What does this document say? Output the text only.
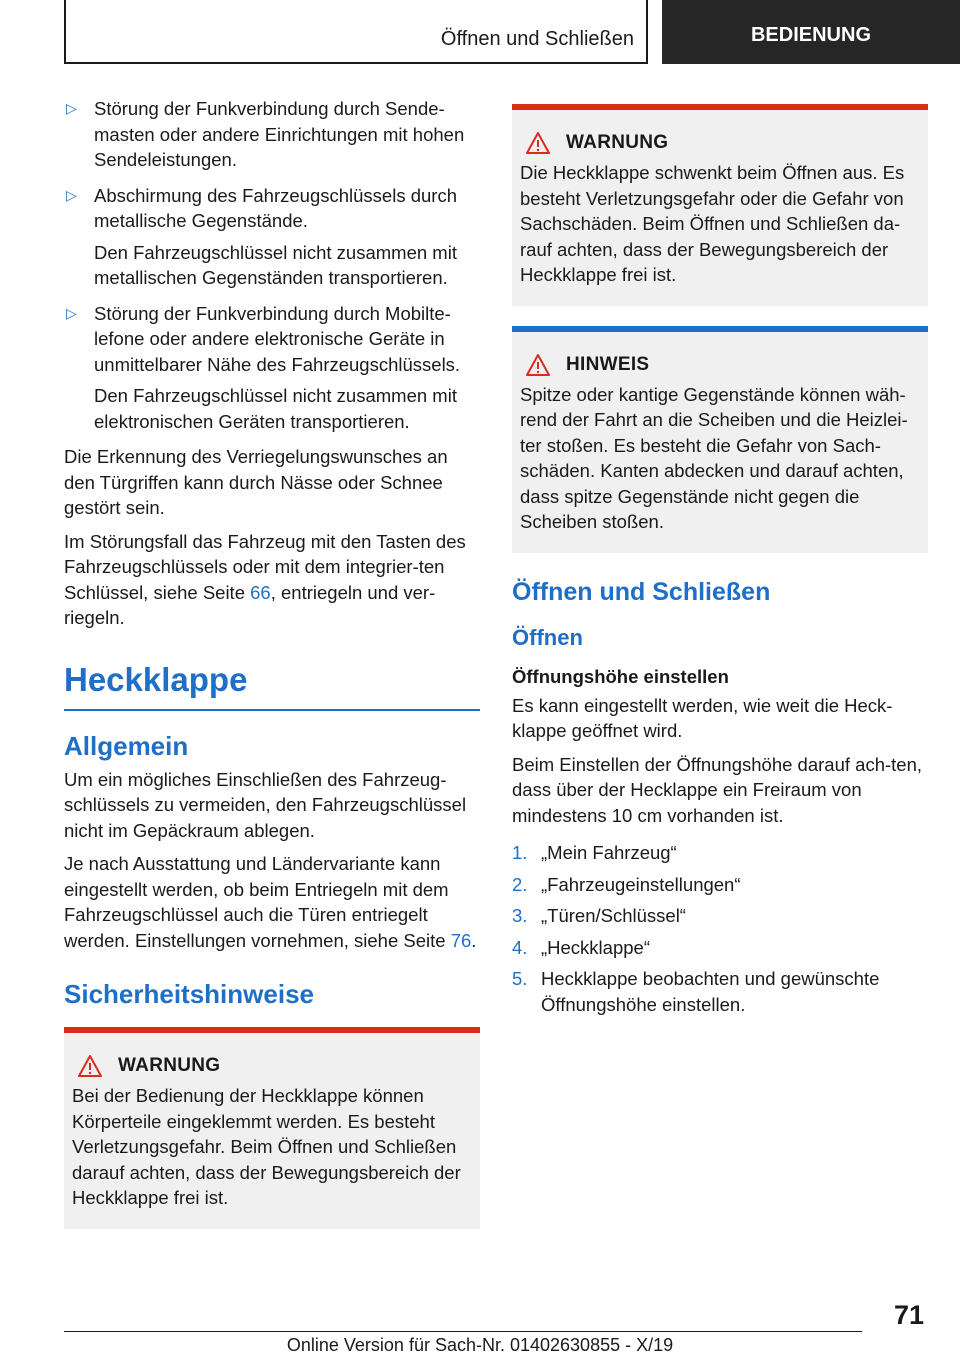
Öffnen und Schließen	BEDIENUNG
▷ Störung der Funkverbindung durch Sende-masten oder andere Einrichtungen mit hohen Sendeleistungen.
▷ Abschirmung des Fahrzeugschlüssels durch metallische Gegenstände.
Den Fahrzeugschlüssel nicht zusammen mit metallischen Gegenständen transportieren.
▷ Störung der Funkverbindung durch Mobilte-lefone oder andere elektronische Geräte in unmittelbarer Nähe des Fahrzeugschlüssels.
Den Fahrzeugschlüssel nicht zusammen mit elektronischen Geräten transportieren.

Die Erkennung des Verriegelungswunsches an den Türgriffen kann durch Nässe oder Schnee gestört sein.

Im Störungsfall das Fahrzeug mit den Tasten des Fahrzeugschlüssels oder mit dem integrier-ten Schlüssel, siehe Seite 66, entriegeln und ver-riegeln.

Heckklappe
Allgemein

Um ein mögliches Einschließen des Fahrzeug-schlüssels zu vermeiden, den Fahrzeugschlüssel nicht im Gepäckraum ablegen.

Je nach Ausstattung und Ländervariante kann eingestellt werden, ob beim Entriegeln mit dem Fahrzeugschlüssel auch die Türen entriegelt werden. Einstellungen vornehmen, siehe Seite 76.

Sicherheitshinweise
WARNUNG

Bei der Bedienung der Heckklappe können Körperteile eingeklemmt werden. Es besteht Verletzungsgefahr. Beim Öffnen und Schließen darauf achten, dass der Bewegungsbereich der Heckklappe frei ist.

WARNUNG

Die Heckklappe schwenkt beim Öffnen aus. Es besteht Verletzungsgefahr oder die Gefahr von Sachschäden. Beim Öffnen und Schließen da-rauf achten, dass der Bewegungsbereich der Heckklappe frei ist.

HINWEIS

Spitze oder kantige Gegenstände können wäh-rend der Fahrt an die Scheiben und die Heizlei-ter stoßen. Es besteht die Gefahr von Sach-schäden. Kanten abdecken und darauf achten, dass spitze Gegenstände nicht gegen die Scheiben stoßen.

Öffnen und Schließen
Öffnen
Öffnungshöhe einstellen

Es kann eingestellt werden, wie weit die Heck-klappe geöffnet wird.

Beim Einstellen der Öffnungshöhe darauf ach-ten, dass über der Hecklappe ein Freiraum von mindestens 10 cm vorhanden ist.

1. „Mein Fahrzeug“
2. „Fahrzeugeinstellungen“
3. „Türen/Schlüssel“
4. „Heckklappe“
5. Heckklappe beobachten und gewünschte Öffnungshöhe einstellen.
71
Online Version für Sach-Nr. 01402630855 - X/19
